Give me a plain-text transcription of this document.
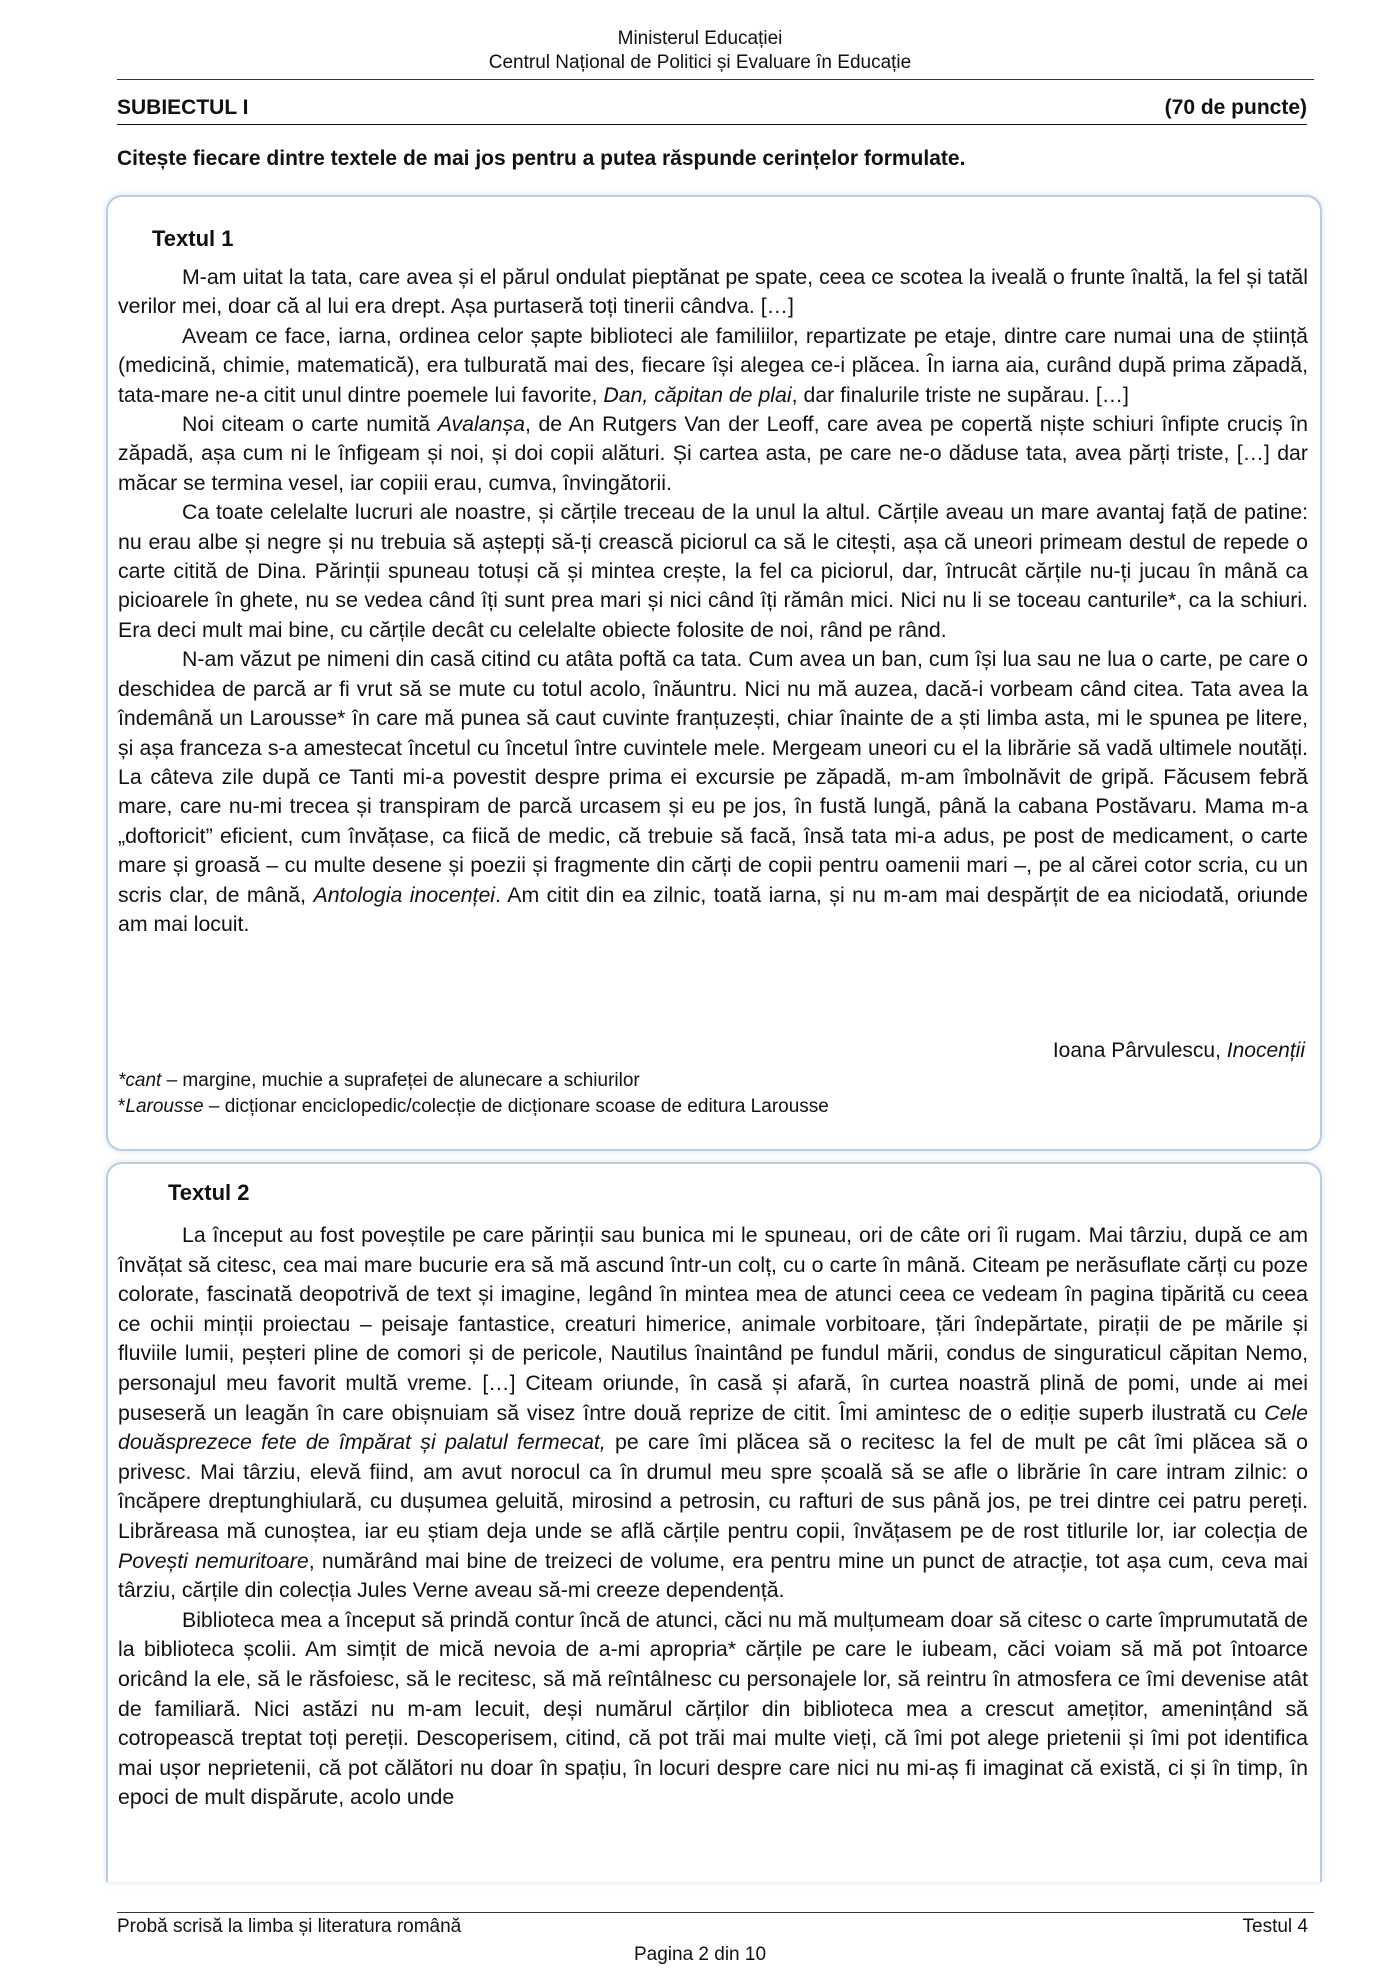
Ministerul Educației
Centrul Național de Politici și Evaluare în Educație
SUBIECTUL I	(70 de puncte)
Citește fiecare dintre textele de mai jos pentru a putea răspunde cerințelor formulate.
Textul 1

M-am uitat la tata, care avea și el părul ondulat pieptănat pe spate, ceea ce scotea la iveală o frunte înaltă, la fel și tatăl verilor mei, doar că al lui era drept. Așa purtaseră toți tinerii cândva. […]

Aveam ce face, iarna, ordinea celor șapte biblioteci ale familiilor, repartizate pe etaje, dintre care numai una de știință (medicină, chimie, matematică), era tulburată mai des, fiecare își alegea ce-i plăcea. În iarna aia, curând după prima zăpadă, tata-mare ne-a citit unul dintre poemele lui favorite, Dan, căpitan de plai, dar finalurile triste ne supărau. […]

Noi citeam o carte numită Avalanșa, de An Rutgers Van der Leoff, care avea pe copertă niște schiuri înfipte cruciș în zăpadă, așa cum ni le înfigeam și noi, și doi copii alături. Și cartea asta, pe care ne-o dăduse tata, avea părți triste, […] dar măcar se termina vesel, iar copiii erau, cumva, învingătorii.

Ca toate celelalte lucruri ale noastre, și cărțile treceau de la unul la altul. Cărțile aveau un mare avantaj față de patine: nu erau albe și negre și nu trebuia să aștepți să-ți crească piciorul ca să le citești, așa că uneori primeam destul de repede o carte citită de Dina. Părinții spuneau totuși că și mintea crește, la fel ca piciorul, dar, întrucât cărțile nu-ți jucau în mână ca picioarele în ghete, nu se vedea când îți sunt prea mari și nici când îți rămân mici. Nici nu li se toceau canturile*, ca la schiuri. Era deci mult mai bine, cu cărțile decât cu celelalte obiecte folosite de noi, rând pe rând.

N-am văzut pe nimeni din casă citind cu atâta poftă ca tata. Cum avea un ban, cum își lua sau ne lua o carte, pe care o deschidea de parcă ar fi vrut să se mute cu totul acolo, înăuntru. Nici nu mă auzea, dacă-i vorbeam când citea. Tata avea la îndemână un Larousse* în care mă punea să caut cuvinte franțuzești, chiar înainte de a ști limba asta, mi le spunea pe litere, și așa franceza s-a amestecat încetul cu încetul între cuvintele mele. Mergeam uneori cu el la librărie să vadă ultimele noutăți. La câteva zile după ce Tanti mi-a povestit despre prima ei excursie pe zăpadă, m-am îmbolnăvit de gripă. Făcusem febră mare, care nu-mi trecea și transpiram de parcă urcasem și eu pe jos, în fustă lungă, până la cabana Postăvaru. Mama m-a „doftoricit” eficient, cum învățase, ca fiică de medic, că trebuie să facă, însă tata mi-a adus, pe post de medicament, o carte mare și groasă – cu multe desene și poezii și fragmente din cărți de copii pentru oamenii mari –, pe al cărei cotor scria, cu un scris clar, de mână, Antologia inocenței. Am citit din ea zilnic, toată iarna, și nu m-am mai despărțit de ea niciodată, oriunde am mai locuit.

Ioana Pârvulescu, Inocenții
*cant – margine, muchie a suprafeței de alunecare a schiurilor
*Larousse – dicționar enciclopedic/colecție de dicționare scoase de editura Larousse
Textul 2

La început au fost poveștile pe care părinții sau bunica mi le spuneau, ori de câte ori îi rugam. Mai târziu, după ce am învățat să citesc, cea mai mare bucurie era să mă ascund într-un colț, cu o carte în mână. Citeam pe nerăsuflate cărți cu poze colorate, fascinată deopotrivă de text și imagine, legând în mintea mea de atunci ceea ce vedeam în pagina tipărită cu ceea ce ochii minții proiectau – peisaje fantastice, creaturi himerice, animale vorbitoare, țări îndepărtate, pirații de pe mările și fluviile lumii, peșteri pline de comori și de pericole, Nautilus înaintând pe fundul mării, condus de singuraticul căpitan Nemo, personajul meu favorit multă vreme. […] Citeam oriunde, în casă și afară, în curtea noastră plină de pomi, unde ai mei puseseră un leagăn în care obișnuiam să visez între două reprize de citit. Îmi amintesc de o ediție superb ilustrată cu Cele douăsprezece fete de împărat și palatul fermecat, pe care îmi plăcea să o recitesc la fel de mult pe cât îmi plăcea să o privesc. Mai târziu, elevă fiind, am avut norocul ca în drumul meu spre școală să se afle o librărie în care intram zilnic: o încăpere dreptunghiulară, cu dușumea geluită, mirosind a petrosin, cu rafturi de sus până jos, pe trei dintre cei patru pereți. Librăreasa mă cunoștea, iar eu știam deja unde se află cărțile pentru copii, învățasem pe de rost titlurile lor, iar colecția de Povești nemuritoare, numărând mai bine de treizeci de volume, era pentru mine un punct de atracție, tot așa cum, ceva mai târziu, cărțile din colecția Jules Verne aveau să-mi creeze dependență.

Biblioteca mea a început să prindă contur încă de atunci, căci nu mă mulțumeam doar să citesc o carte împrumutată de la biblioteca școlii. Am simțit de mică nevoia de a-mi apropria* cărțile pe care le iubeam, căci voiam să mă pot întoarce oricând la ele, să le răsfoiesc, să le recitesc, să mă reîntâlnesc cu personajele lor, să reintru în atmosfera ce îmi devenise atât de familiară. Nici astăzi nu m-am lecuit, deși numărul cărților din biblioteca mea a crescut amețitor, amenințând să cotropească treptat toți pereții. Descoperisem, citind, că pot trăi mai multe vieți, că îmi pot alege prietenii și îmi pot identifica mai ușor neprietenii, că pot călători nu doar în spațiu, în locuri despre care nici nu mi-aș fi imaginat că există, ci și în timp, în epoci de mult dispărute, acolo unde

Probă scrisă la limba și literatura română	Testul 4
Pagina 2 din 10
